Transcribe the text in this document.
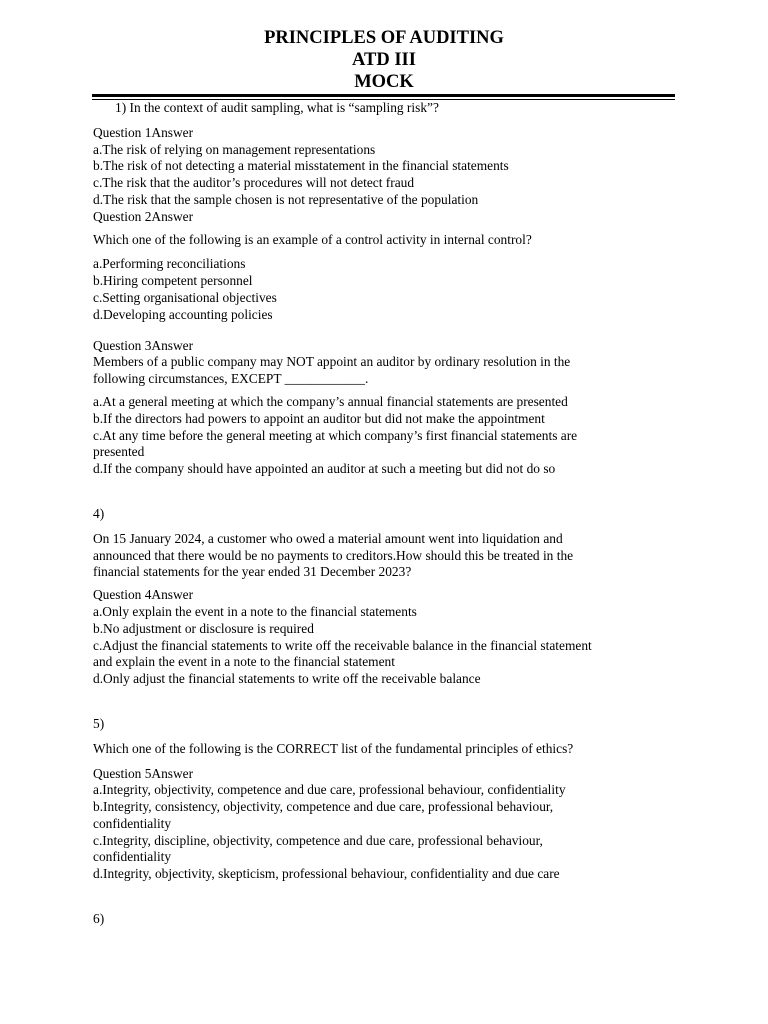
PRINCIPLES OF AUDITING
ATD III
MOCK
1) In the context of audit sampling, what is “sampling risk”?
Question 1Answer
a.The risk of relying on management representations
b.The risk of not detecting a material misstatement in the financial statements
c.The risk that the auditor’s procedures will not detect fraud
d.The risk that the sample chosen is not representative of the population
Question 2Answer
Which one of the following is an example of a control activity in internal control?
a.Performing reconciliations
b.Hiring competent personnel
c.Setting organisational objectives
d.Developing accounting policies
Question 3Answer
Members of a public company may NOT appoint an auditor by ordinary resolution in the
following circumstances, EXCEPT ____________.
a.At a general meeting at which the company’s annual financial statements are presented
b.If the directors had powers to appoint an auditor but did not make the appointment
c.At any time before the general meeting at which company’s first financial statements are
presented
d.If the company should have appointed an auditor at such a meeting but did not do so
4)
On 15 January 2024, a customer who owed a material amount went into liquidation and
announced that there would be no payments to creditors.How should this be treated in the
financial statements for the year ended 31 December 2023?
Question 4Answer
a.Only explain the event in a note to the financial statements
b.No adjustment or disclosure is required
c.Adjust the financial statements to write off the receivable balance in the financial statement
and explain the event in a note to the financial statement
d.Only adjust the financial statements to write off the receivable balance
5)
Which one of the following is the CORRECT list of the fundamental principles of ethics?
Question 5Answer
a.Integrity, objectivity, competence and due care, professional behaviour, confidentiality
b.Integrity, consistency, objectivity, competence and due care, professional behaviour,
confidentiality
c.Integrity, discipline, objectivity, competence and due care, professional behaviour,
confidentiality
d.Integrity, objectivity, skepticism, professional behaviour, confidentiality and due care
6)
